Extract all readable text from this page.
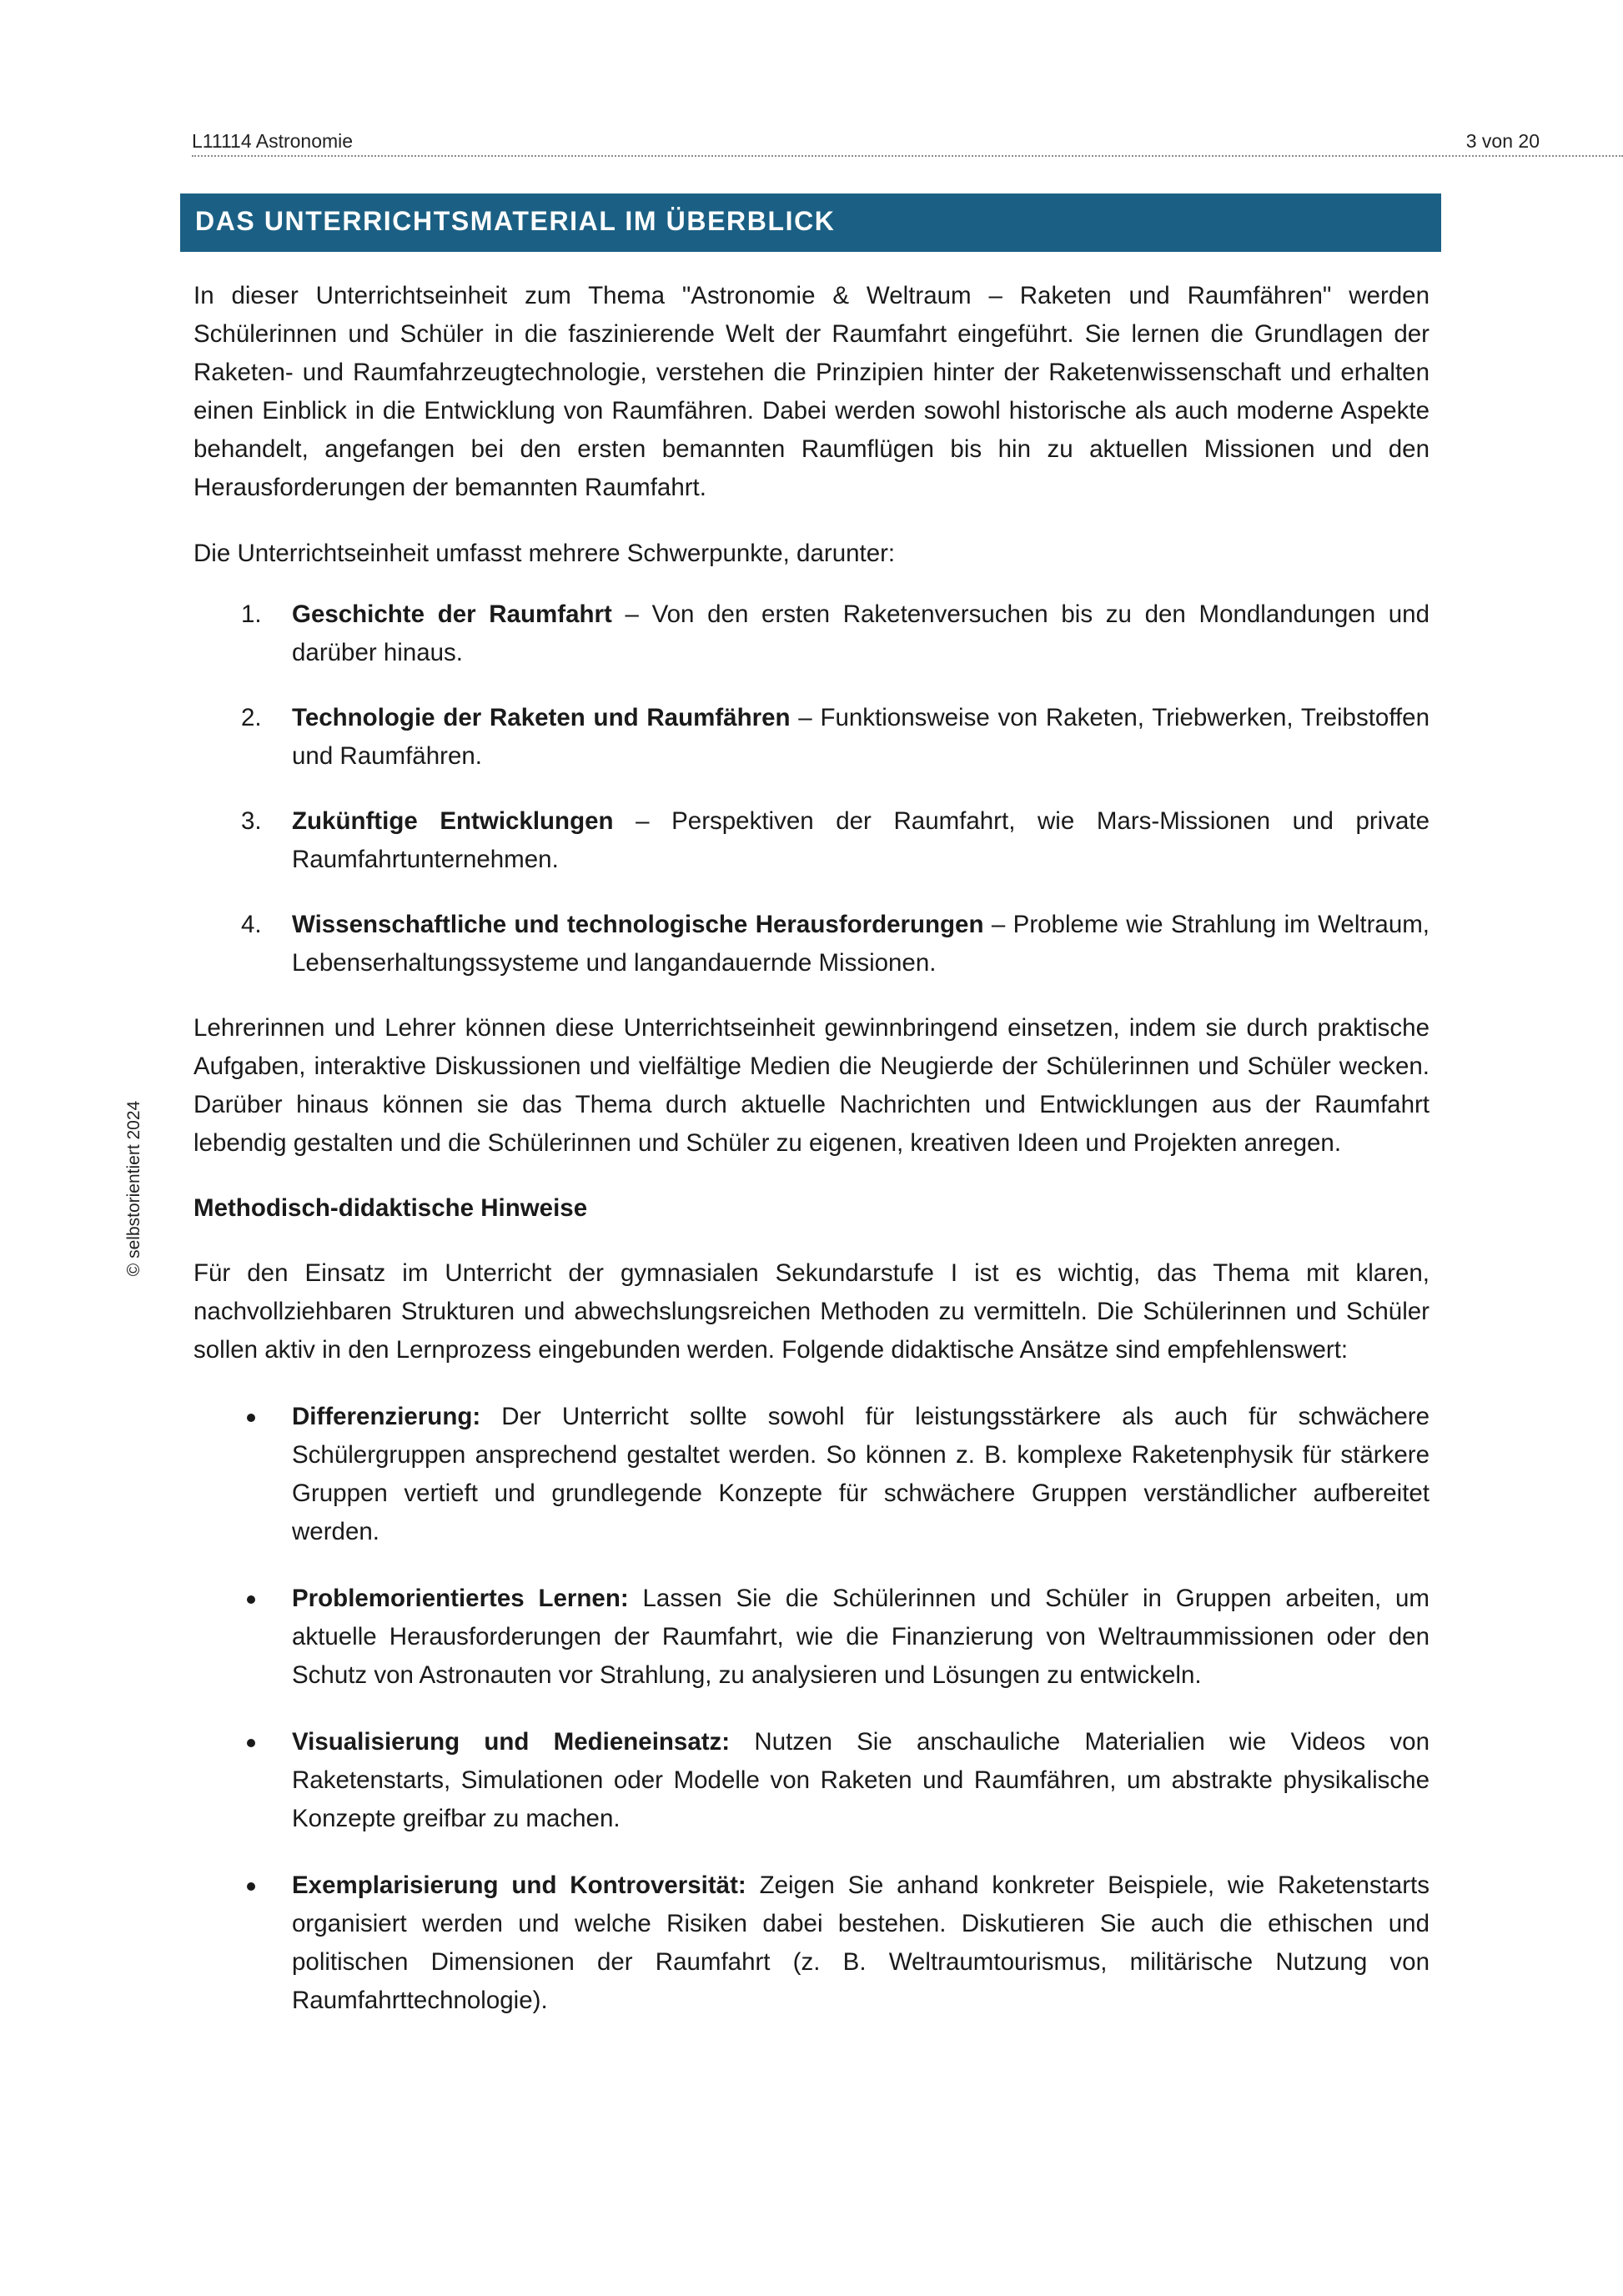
L11114 Astronomie	3 von 20
© selbstorientiert 2024
DAS UNTERRICHTSMATERIAL IM ÜBERBLICK

In dieser Unterrichtseinheit zum Thema "Astronomie & Weltraum – Raketen und Raumfähren" werden Schülerinnen und Schüler in die faszinierende Welt der Raumfahrt eingeführt. Sie lernen die Grundlagen der Raketen- und Raumfahrzeugtechnologie, verstehen die Prinzipien hinter der Raketenwissenschaft und erhalten einen Einblick in die Entwicklung von Raumfähren. Dabei werden sowohl historische als auch moderne Aspekte behandelt, angefangen bei den ersten bemannten Raumflügen bis hin zu aktuellen Missionen und den Herausforderungen der bemannten Raumfahrt.

Die Unterrichtseinheit umfasst mehrere Schwerpunkte, darunter:

1. Geschichte der Raumfahrt – Von den ersten Raketenversuchen bis zu den Mondlandungen und darüber hinaus.
2. Technologie der Raketen und Raumfähren – Funktionsweise von Raketen, Triebwerken, Treibstoffen und Raumfähren.
3. Zukünftige Entwicklungen – Perspektiven der Raumfahrt, wie Mars-Missionen und private Raumfahrtunternehmen.
4. Wissenschaftliche und technologische Herausforderungen – Probleme wie Strahlung im Weltraum, Lebenserhaltungssysteme und langandauernde Missionen.

Lehrerinnen und Lehrer können diese Unterrichtseinheit gewinnbringend einsetzen, indem sie durch praktische Aufgaben, interaktive Diskussionen und vielfältige Medien die Neugierde der Schülerinnen und Schüler wecken. Darüber hinaus können sie das Thema durch aktuelle Nachrichten und Entwicklungen aus der Raumfahrt lebendig gestalten und die Schülerinnen und Schüler zu eigenen, kreativen Ideen und Projekten anregen.

Methodisch-didaktische Hinweise

Für den Einsatz im Unterricht der gymnasialen Sekundarstufe I ist es wichtig, das Thema mit klaren, nachvollziehbaren Strukturen und abwechslungsreichen Methoden zu vermitteln. Die Schülerinnen und Schüler sollen aktiv in den Lernprozess eingebunden werden. Folgende didaktische Ansätze sind empfehlenswert:

Differenzierung: Der Unterricht sollte sowohl für leistungsstärkere als auch für schwächere Schülergruppen ansprechend gestaltet werden. So können z. B. komplexe Raketenphysik für stärkere Gruppen vertieft und grundlegende Konzepte für schwächere Gruppen verständlicher aufbereitet werden.
Problemorientiertes Lernen: Lassen Sie die Schülerinnen und Schüler in Gruppen arbeiten, um aktuelle Herausforderungen der Raumfahrt, wie die Finanzierung von Weltraummissionen oder den Schutz von Astronauten vor Strahlung, zu analysieren und Lösungen zu entwickeln.
Visualisierung und Medieneinsatz: Nutzen Sie anschauliche Materialien wie Videos von Raketenstarts, Simulationen oder Modelle von Raketen und Raumfähren, um abstrakte physikalische Konzepte greifbar zu machen.
Exemplarisierung und Kontroversität: Zeigen Sie anhand konkreter Beispiele, wie Raketenstarts organisiert werden und welche Risiken dabei bestehen. Diskutieren Sie auch die ethischen und politischen Dimensionen der Raumfahrt (z. B. Weltraumtourismus, militärische Nutzung von Raumfahrttechnologie).
